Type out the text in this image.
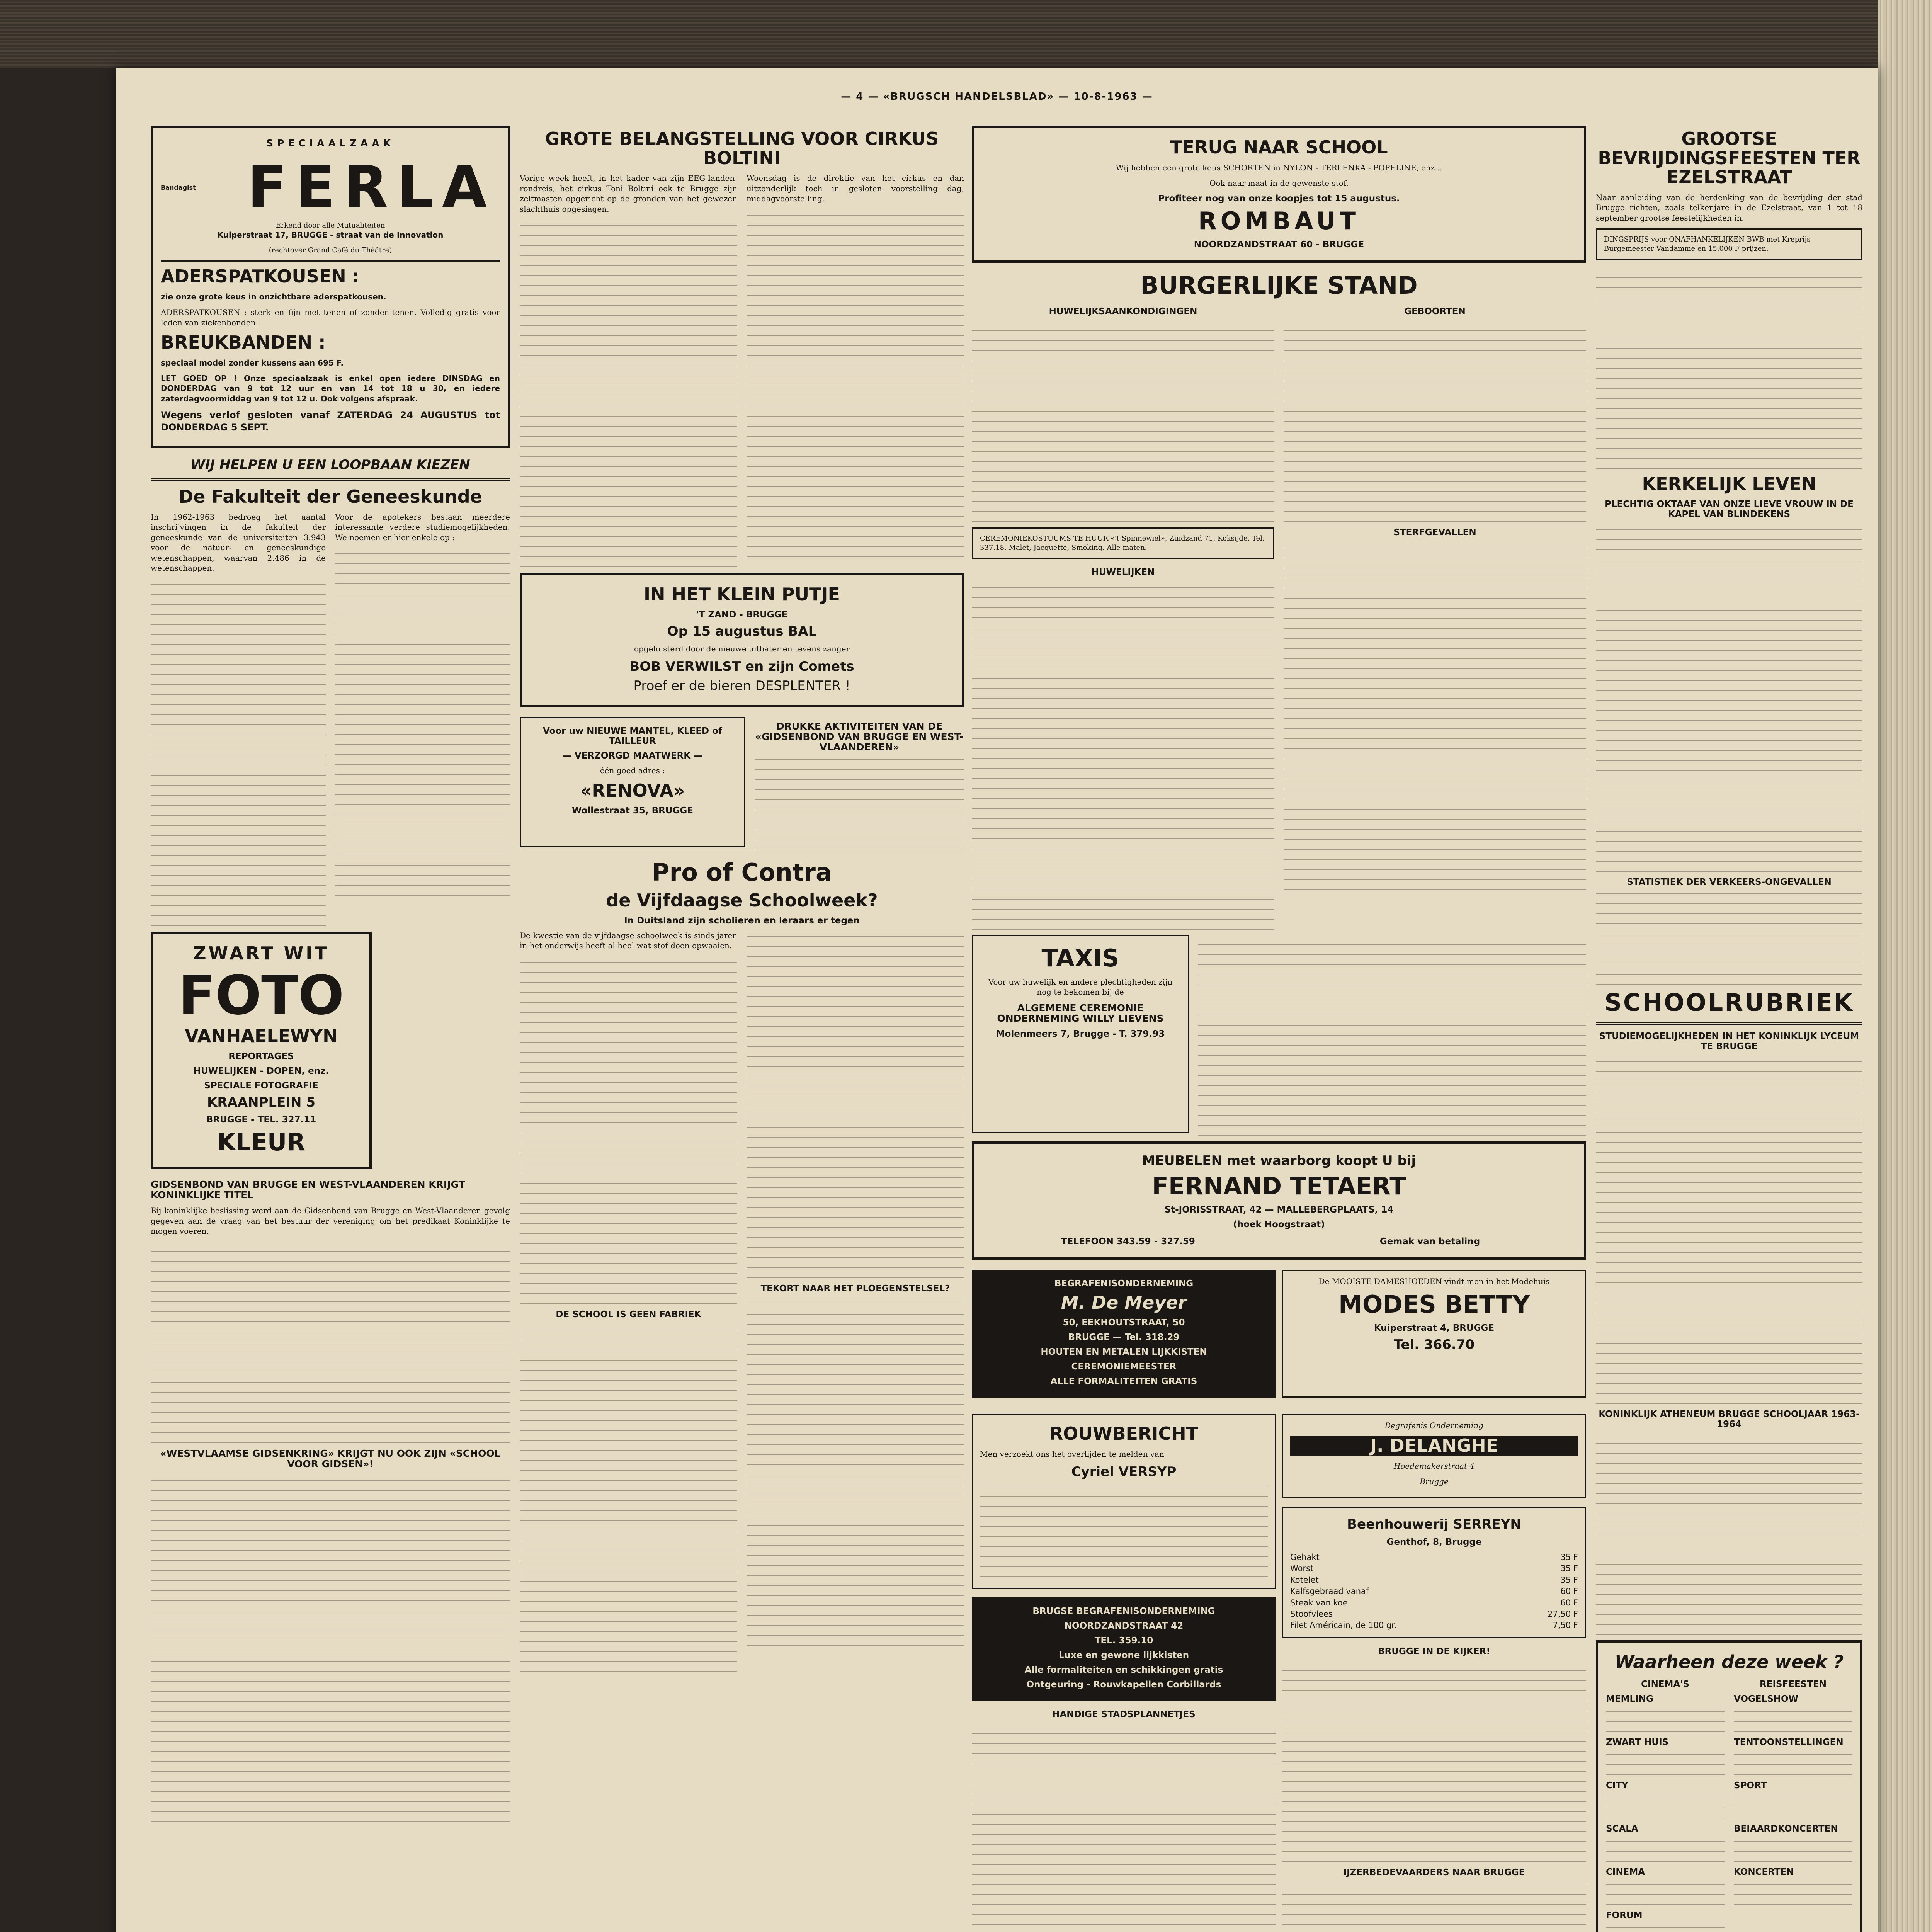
— 4 — «BRUGSCH HANDELSBLAD» — 10-8-1963 —
SPECIAALZAAK
Bandagist FERLA
Erkend door alle Mutualiteiten
Kuiperstraat 17, BRUGGE - straat van de Innovation
(rechtover Grand Café du Théâtre)
ADERSPATKOUSEN :
zie onze grote keus in onzichtbare aderspatkousen.
ADERSPATKOUSEN : sterk en fijn met tenen of zonder tenen. Volledig gratis voor leden van ziekenbonden.
BREUKBANDEN :
speciaal model zonder kussens aan 695 F.
LET GOED OP ! Onze speciaalzaak is enkel open iedere DINSDAG en DONDERDAG van 9 tot 12 uur en van 14 tot 18 u 30, en iedere zaterdagvoormiddag van 9 tot 12 u. Ook volgens afspraak.
Wegens verlof gesloten vanaf ZATERDAG 24 AUGUSTUS tot DONDERDAG 5 SEPT.
WIJ HELPEN U EEN LOOPBAAN KIEZEN
De Fakulteit der Geneeskunde

In 1962-1963 bedroeg het aantal inschrijvingen in de fakulteit der geneeskunde van de universiteiten 3.943 voor de natuur- en geneeskundige wetenschappen, waarvan 2.486 in de wetenschappen.

Voor de apotekers bestaan meerdere interessante verdere studiemogelijkheden. We noemen er hier enkele op :

ZWART WIT
FOTO
VANHAELEWYN
REPORTAGES
HUWELIJKEN - DOPEN, enz.
SPECIALE FOTOGRAFIE
KRAANPLEIN 5
BRUGGE - TEL. 327.11
KLEUR
GIDSENBOND VAN BRUGGE EN WEST-VLAANDEREN KRIJGT KONINKLIJKE TITEL

Bij koninklijke beslissing werd aan de Gidsenbond van Brugge en West-Vlaanderen gevolg gegeven aan de vraag van het bestuur der vereniging om het predikaat Koninklijke te mogen voeren.

«WESTVLAAMSE GIDSENKRING» KRIJGT NU OOK ZIJN «SCHOOL VOOR GIDSEN»!
GROTE BELANGSTELLING VOOR CIRKUS BOLTINI

Vorige week heeft, in het kader van zijn EEG-landen-rondreis, het cirkus Toni Boltini ook te Brugge zijn zeltmasten opgericht op de gronden van het gewezen slachthuis opgesiagen.

Woensdag is de direktie van het cirkus en dan uitzonderlijk toch in gesloten voorstelling dag, middagvoorstelling.

IN HET KLEIN PUTJE
'T ZAND - BRUGGE
Op 15 augustus BAL
opgeluisterd door de nieuwe uitbater en tevens zanger
BOB VERWILST en zijn Comets
Proef er de bieren DESPLENTER !
Voor uw NIEUWE MANTEL, KLEED of TAILLEUR
— VERZORGD MAATWERK —
één goed adres :
«RENOVA»
Wollestraat 35, BRUGGE
DRUKKE AKTIVITEITEN VAN DE «GIDSENBOND VAN BRUGGE EN WEST-VLAANDEREN»
Pro of Contra
de Vijfdaagse Schoolweek?
In Duitsland zijn scholieren en leraars er tegen

De kwestie van de vijfdaagse schoolweek is sinds jaren in het onderwijs heeft al heel wat stof doen opwaaien.

DE SCHOOL IS GEEN FABRIEK
TEKORT NAAR HET PLOEGENSTELSEL?
TERUG NAAR SCHOOL
Wij hebben een grote keus SCHORTEN in NYLON - TERLENKA - POPELINE, enz...
Ook naar maat in de gewenste stof.
Profiteer nog van onze koopjes tot 15 augustus.
ROMBAUT
NOORDZANDSTRAAT 60 - BRUGGE
BURGERLIJKE STAND
HUWELIJKSAANKONDIGINGEN
CEREMONIEKOSTUUMS TE HUUR «'t Spinnewiel», Zuidzand 71, Koksijde. Tel. 337.18. Malet, Jacquette, Smoking. Alle maten.
HUWELIJKEN
GEBOORTEN
STERFGEVALLEN
TAXIS
Voor uw huwelijk en andere plechtigheden zijn nog te bekomen bij de
ALGEMENE CEREMONIE ONDERNEMING WILLY LIEVENS
Molenmeers 7, Brugge - T. 379.93
MEUBELEN met waarborg koopt U bij
FERNAND TETAERT
St-JORISSTRAAT, 42 — MALLEBERGPLAATS, 14
(hoek Hoogstraat)
TELEFOON 343.59 - 327.59	Gemak van betaling
BEGRAFENISONDERNEMING
M. De Meyer
50, EEKHOUTSTRAAT, 50
BRUGGE — Tel. 318.29
HOUTEN EN METALEN LIJKKISTEN
CEREMONIEMEESTER
ALLE FORMALITEITEN GRATIS
De MOOISTE DAMESHOEDEN vindt men in het Modehuis
MODES BETTY
Kuiperstraat 4, BRUGGE
Tel. 366.70
ROUWBERICHT
Men verzoekt ons het overlijden te melden van
Cyriel VERSYP
BRUGSE BEGRAFENISONDERNEMING
NOORDZANDSTRAAT 42
TEL. 359.10
Luxe en gewone lijkkisten
Alle formaliteiten en schikkingen gratis
Ontgeuring - Rouwkapellen Corbillards
HANDIGE STADSPLANNETJES
Begrafenis Onderneming
J. DELANGHE
Hoedemakerstraat 4
Brugge
Beenhouwerij SERREYN
Genthof, 8, Brugge
Gehakt	35 F
Worst	35 F
Kotelet	35 F
Kalfsgebraad vanaf	60 F
Steak van koe	60 F
Stoofvlees	27,50 F
Filet Américain, de 100 gr.	7,50 F
BRUGGE IN DE KIJKER!
IJZERBEDEVAARDERS NAAR BRUGGE
GROOTSE BEVRIJDINGSFEESTEN TER EZELSTRAAT

Naar aanleiding van de herdenking van de bevrijding der stad Brugge richten, zoals telkenjare in de Ezelstraat, van 1 tot 18 september grootse feestelijkheden in.

DINGSPRIJS voor ONAFHANKELIJKEN BWB met Kreprijs Burgemeester Vandamme en 15.000 F prijzen.
KERKELIJK LEVEN
PLECHTIG OKTAAF VAN ONZE LIEVE VROUW IN DE KAPEL VAN BLINDEKENS
STATISTIEK DER VERKEERS-ONGEVALLEN
SCHOOLRUBRIEK
STUDIEMOGELIJKHEDEN IN HET KONINKLIJK LYCEUM TE BRUGGE
KONINKLIJK ATHENEUM BRUGGE SCHOOLJAAR 1963-1964
Waarheen deze week ?
CINEMA'S
MEMLING
ZWART HUIS
CITY
SCALA
CINEMA
FORUM
REISFEESTEN
VOGELSHOW
TENTOONSTELLINGEN
SPORT
BEIAARDKONCERTEN
KONCERTEN
